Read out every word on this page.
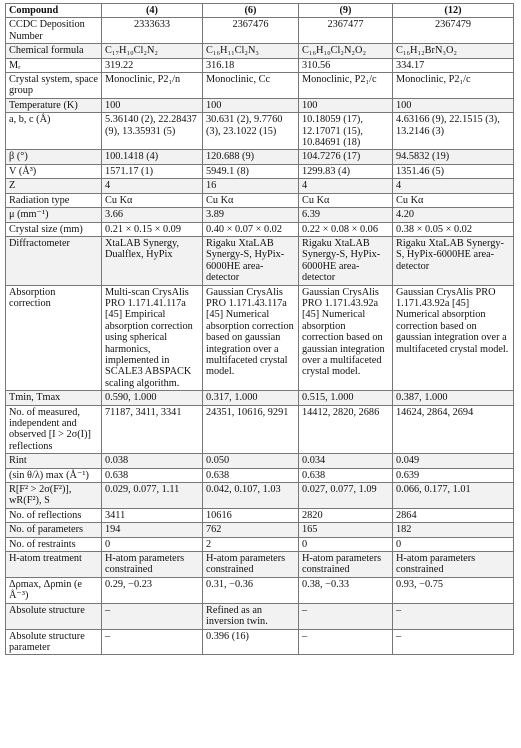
Compound	(4)	(6)	(9)	(12)
CCDC Deposition Number	2333633	2367476	2367477	2367479
Chemical formula	C₁₇H₁₀Cl₂N₂	C₁₆H₁₁Cl₂N₃	C₁₆H₁₀Cl₂N₂O₂	C₁₆H₁₂BrN₃O₂
Mᵣ	319.22	316.18	310.56	334.17
Crystal system, space group	Monoclinic, P2₁/n	Monoclinic, Cc	Monoclinic, P2₁/c	Monoclinic, P2₁/c
Temperature (K)	100	100	100	100
a, b, c (Å)	5.36140 (2), 22.28437 (9), 13.35931 (5)	30.631 (2), 9.7760 (3), 23.1022 (15)	10.18059 (17), 12.17071 (15), 10.84691 (18)	4.63166 (9), 22.1515 (3), 13.2146 (3)
β (°)	100.1418 (4)	120.688 (9)	104.7276 (17)	94.5832 (19)
V (Å³)	1571.17 (1)	5949.1 (8)	1299.83 (4)	1351.46 (5)
Z	4	16	4	4
Radiation type	Cu Kα	Cu Kα	Cu Kα	Cu Kα
μ (mm⁻¹)	3.66	3.89	6.39	4.20
Crystal size (mm)	0.21 × 0.15 × 0.09	0.40 × 0.07 × 0.02	0.22 × 0.08 × 0.06	0.38 × 0.05 × 0.02
Diffractometer	XtaLAB Synergy, Dualflex, HyPix	Rigaku XtaLAB Synergy-S, HyPix-6000HE area-detector	Rigaku XtaLAB Synergy-S, HyPix-6000HE area-detector	Rigaku XtaLAB Synergy-S, HyPix-6000HE area-detector
Absorption correction	Multi-scan CrysAlis PRO 1.171.41.117a [45] Empirical absorption correction using spherical harmonics, implemented in SCALE3 ABSPACK scaling algorithm.	Gaussian CrysAlis PRO 1.171.43.117a [45] Numerical absorption correction based on gaussian integration over a multifaceted crystal model.	Gaussian CrysAlis PRO 1.171.43.92a [45] Numerical absorption correction based on gaussian integration over a multifaceted crystal model.	Gaussian CrysAlis PRO 1.171.43.92a [45] Numerical absorption correction based on gaussian integration over a multifaceted crystal model.
Tmin, Tmax	0.590, 1.000	0.317, 1.000	0.515, 1.000	0.387, 1.000
No. of measured, independent and observed [I > 2σ(I)] reflections	71187, 3411, 3341	24351, 10616, 9291	14412, 2820, 2686	14624, 2864, 2694
Rint	0.038	0.050	0.034	0.049
(sin θ/λ) max (Å⁻¹)	0.638	0.638	0.638	0.639
R[F² > 2σ(F²)], wR(F²), S	0.029, 0.077, 1.11	0.042, 0.107, 1.03	0.027, 0.077, 1.09	0.066, 0.177, 1.01
No. of reflections	3411	10616	2820	2864
No. of parameters	194	762	165	182
No. of restraints	0	2	0	0
H-atom treatment	H-atom parameters constrained	H-atom parameters constrained	H-atom parameters constrained	H-atom parameters constrained
Δρmax, Δρmin (e Å⁻³)	0.29, −0.23	0.31, −0.36	0.38, −0.33	0.93, −0.75
Absolute structure	–	Refined as an inversion twin.	–	–
Absolute structure parameter	–	0.396 (16)	–	–
